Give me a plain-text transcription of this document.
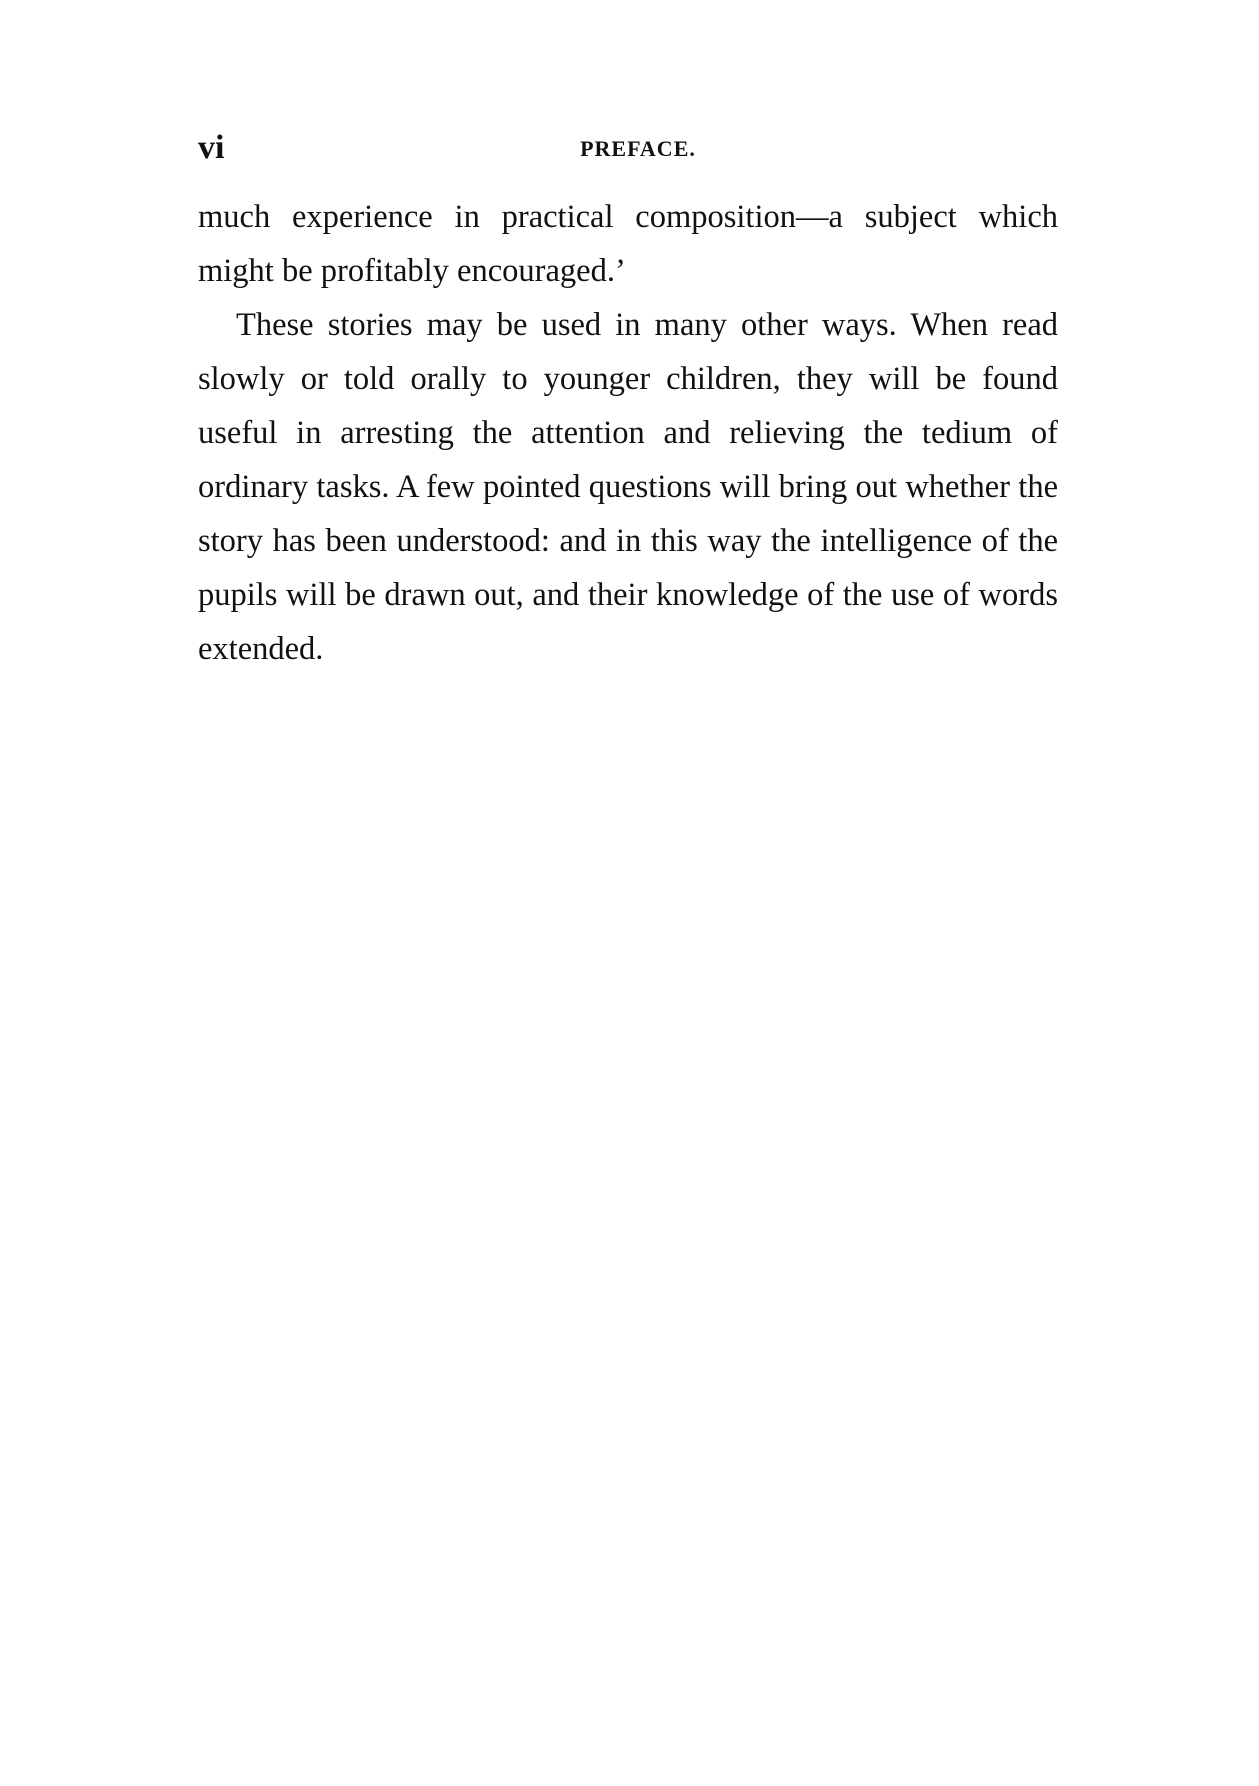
vi	PREFACE.

much experience in practical composition—a subject which might be profitably encouraged.’

These stories may be used in many other ways. When read slowly or told orally to younger children, they will be found useful in arresting the attention and relieving the tedium of ordinary tasks. A few pointed questions will bring out whether the story has been understood: and in this way the intelligence of the pupils will be drawn out, and their knowledge of the use of words extended.
